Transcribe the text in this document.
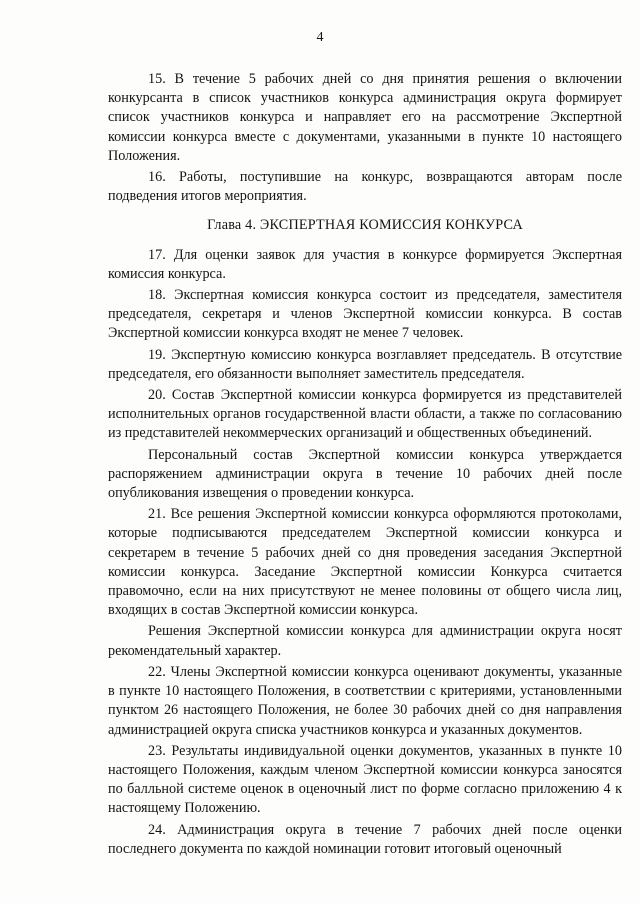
4

15. В течение 5 рабочих дней со дня принятия решения о включении конкурсанта в список участников конкурса администрация округа формирует список участников конкурса и направляет его на рассмотрение Экспертной комиссии конкурса вместе с документами, указанными в пункте 10 настоящего Положения.

16. Работы, поступившие на конкурс, возвращаются авторам после подведения итогов мероприятия.

Глава 4. ЭКСПЕРТНАЯ КОМИССИЯ КОНКУРСА

17. Для оценки заявок для участия в конкурсе формируется Экспертная комиссия конкурса.

18. Экспертная комиссия конкурса состоит из председателя, заместителя председателя, секретаря и членов Экспертной комиссии конкурса. В состав Экспертной комиссии конкурса входят не менее 7 человек.

19. Экспертную комиссию конкурса возглавляет председатель. В отсутствие председателя, его обязанности выполняет заместитель председателя.

20. Состав Экспертной комиссии конкурса формируется из представителей исполнительных органов государственной власти области, а также по согласованию из представителей некоммерческих организаций и общественных объединений.

Персональный состав Экспертной комиссии конкурса утверждается распоряжением администрации округа в течение 10 рабочих дней после опубликования извещения о проведении конкурса.

21. Все решения Экспертной комиссии конкурса оформляются протоколами, которые подписываются председателем Экспертной комиссии конкурса и секретарем в течение 5 рабочих дней со дня проведения заседания Экспертной комиссии конкурса. Заседание Экспертной комиссии Конкурса считается правомочно, если на них присутствуют не менее половины от общего числа лиц, входящих в состав Экспертной комиссии конкурса.

Решения Экспертной комиссии конкурса для администрации округа носят рекомендательный характер.

22. Члены Экспертной комиссии конкурса оценивают документы, указанные в пункте 10 настоящего Положения, в соответствии с критериями, установленными пунктом 26 настоящего Положения, не более 30 рабочих дней со дня направления администрацией округа списка участников конкурса и указанных документов.

23. Результаты индивидуальной оценки документов, указанных в пункте 10 настоящего Положения, каждым членом Экспертной комиссии конкурса заносятся по балльной системе оценок в оценочный лист по форме согласно приложению 4 к настоящему Положению.

24. Администрация округа в течение 7 рабочих дней после оценки последнего документа по каждой номинации готовит итоговый оценочный
